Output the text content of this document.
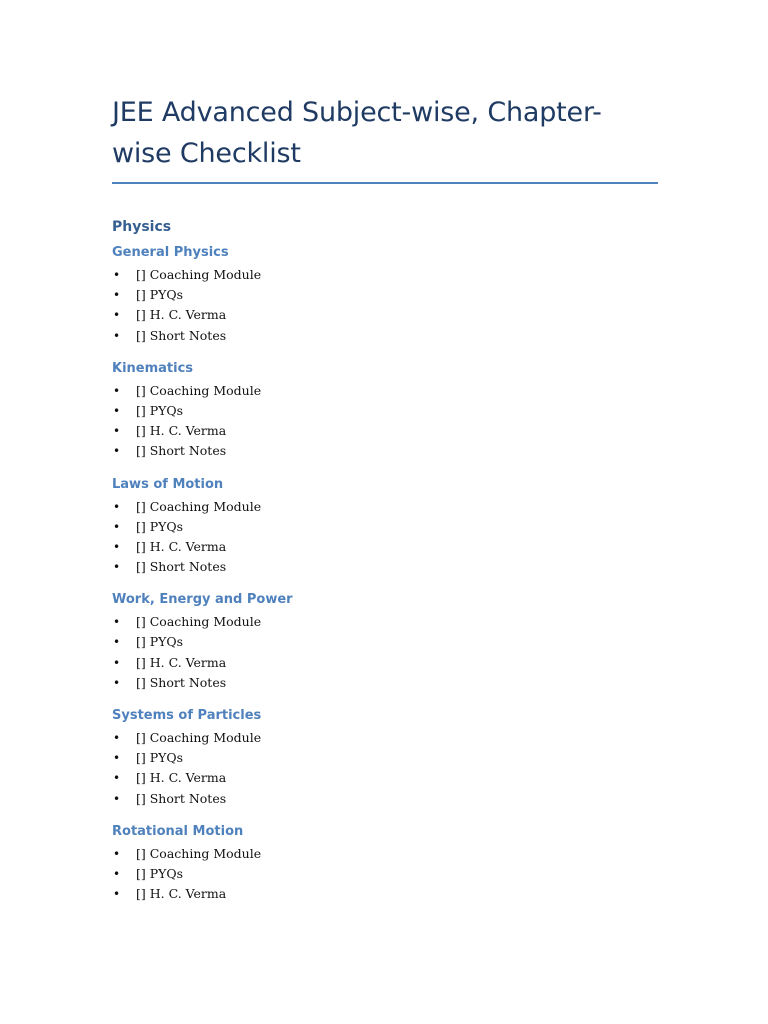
JEE Advanced Subject-wise, Chapter-wise Checklist
Physics
General Physics
• [] Coaching Module
• [] PYQs
• [] H. C. Verma
• [] Short Notes
Kinematics
• [] Coaching Module
• [] PYQs
• [] H. C. Verma
• [] Short Notes
Laws of Motion
• [] Coaching Module
• [] PYQs
• [] H. C. Verma
• [] Short Notes
Work, Energy and Power
• [] Coaching Module
• [] PYQs
• [] H. C. Verma
• [] Short Notes
Systems of Particles
• [] Coaching Module
• [] PYQs
• [] H. C. Verma
• [] Short Notes
Rotational Motion
• [] Coaching Module
• [] PYQs
• [] H. C. Verma
